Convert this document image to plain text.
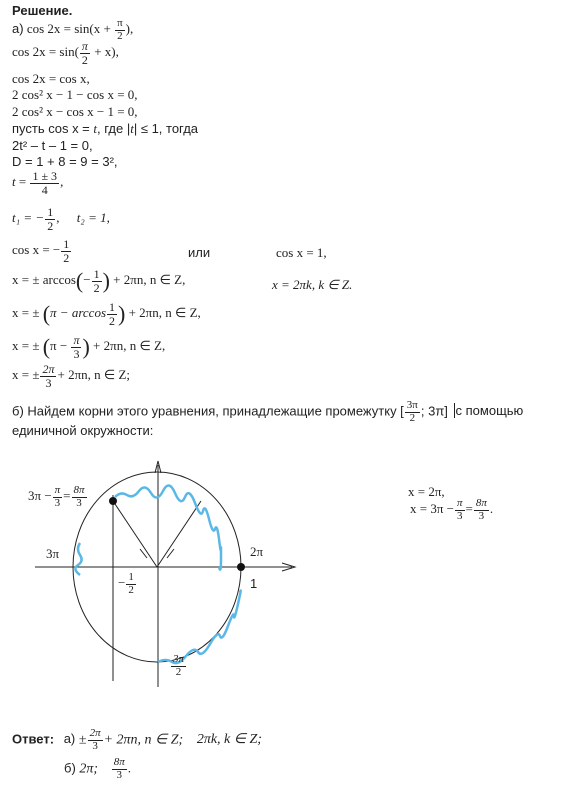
Решение.
а) $\cos 2x = \sin(x + \frac{\pi}{2}$ ),
$\cos 2x = \sin( \frac{\pi}{2} + x)$,
cos 2x = cos x,
2 cos² x − 1 − cos x = 0,
2 cos² x − cos x − 1 = 0,
пусть cos x = t, где |t| ≤ 1, тогда
2t² – t – 1 = 0,
D = 1 + 8 = 9 = 3²,
$t = \frac{1 \pm 3}{4}$ ,
t₁ = − $\frac{1}{2}$ , t₂ = 1,
cos x = − $\frac{1}{2}$	или	cos x = 1,
x = ± $\arccos(- \frac{1}{2}$ ) + 2πn, n ∈ Z,	x = 2πk, k ∈ Z.
x = ± ($\pi - \arccos \frac{1}{2}$ ) + 2πn, n ∈ Z,
x = ± ($\pi - \frac{\pi}{3}$ ) + 2πn, n ∈ Z,
x = ± $\frac{2\pi}{3} + 2\pi n$, n ∈ Z;
б) Найдем корни этого уравнения, принадлежащие промежутку [ $\frac{3\pi}{2}$ ; 3π] с помощью
единичной окружности:
$3\pi - \frac{\pi}{3} = \frac{8\pi}{3}$
3π	2π
1
− $\frac{1}{2}$
$\frac{3\pi}{2}$
x = 2π,
$x = 3\pi - \frac{\pi}{3} = \frac{8\pi}{3}$ .
Ответ: $а) \pm \frac{2\pi}{3} + 2\pi n$, n ∈ Z; 2πk, k ∈ Z;
б) 2π; $\frac{8\pi}{3}$ .
